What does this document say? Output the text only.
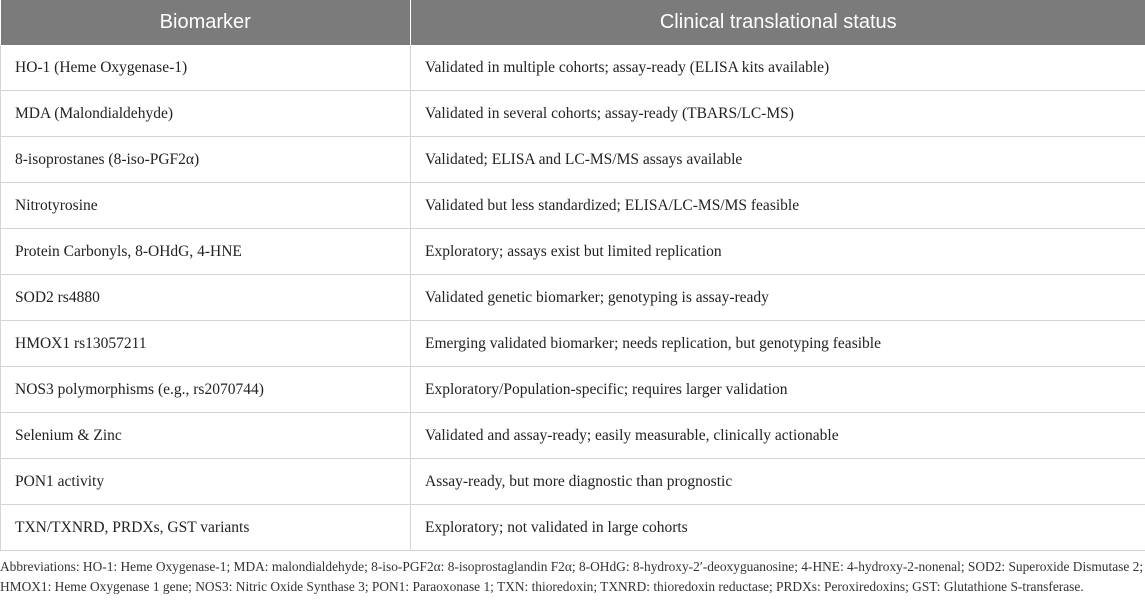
Biomarker	Clinical translational status
HO-1 (Heme Oxygenase-1)	Validated in multiple cohorts; assay-ready (ELISA kits available)
MDA (Malondialdehyde)	Validated in several cohorts; assay-ready (TBARS/LC-MS)
8-isoprostanes (8-iso-PGF2α)	Validated; ELISA and LC-MS/MS assays available
Nitrotyrosine	Validated but less standardized; ELISA/LC-MS/MS feasible
Protein Carbonyls, 8-OHdG, 4-HNE	Exploratory; assays exist but limited replication
SOD2 rs4880	Validated genetic biomarker; genotyping is assay-ready
HMOX1 rs13057211	Emerging validated biomarker; needs replication, but genotyping feasible
NOS3 polymorphisms (e.g., rs2070744)	Exploratory/Population-specific; requires larger validation
Selenium & Zinc	Validated and assay-ready; easily measurable, clinically actionable
PON1 activity	Assay-ready, but more diagnostic than prognostic
TXN/TXNRD, PRDXs, GST variants	Exploratory; not validated in large cohorts

Abbreviations: HO-1: Heme Oxygenase-1; MDA: malondialdehyde; 8-iso-PGF2α: 8-isoprostaglandin F2α; 8-OHdG: 8-hydroxy-2′-deoxyguanosine; 4-HNE: 4-hydroxy-2-nonenal; SOD2: Superoxide Dismutase 2; HMOX1: Heme Oxygenase 1 gene; NOS3: Nitric Oxide Synthase 3; PON1: Paraoxonase 1; TXN: thioredoxin; TXNRD: thioredoxin reductase; PRDXs: Peroxiredoxins; GST: Glutathione S-transferase.
